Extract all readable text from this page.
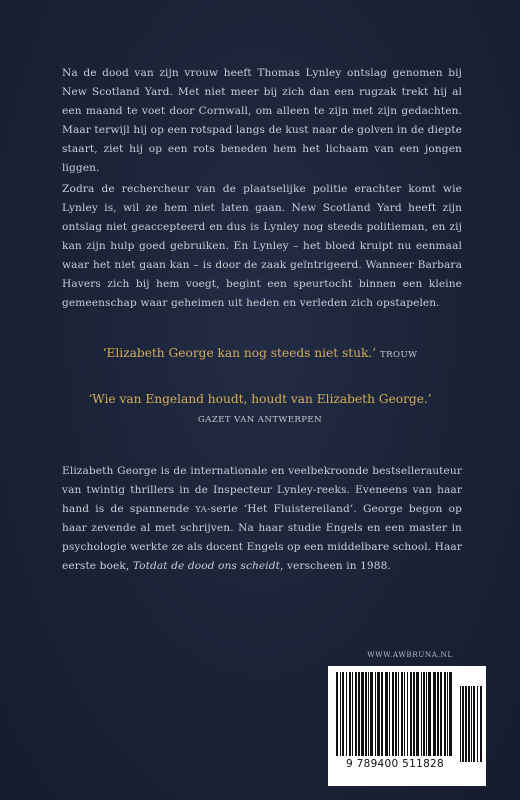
Na de dood van zijn vrouw heeft Thomas Lynley ontslag genomen bij New Scotland Yard. Met niet meer bij zich dan een rugzak trekt hij al een maand te voet door Cornwall, om alleen te zijn met zijn gedachten. Maar terwijl hij op een rotspad langs de kust naar de golven in de diepte staart, ziet hij op een rots beneden hem het lichaam van een jongen liggen.

Zodra de rechercheur van de plaatselijke politie erachter komt wie Lynley is, wil ze hem niet laten gaan. New Scotland Yard heeft zijn ontslag niet geaccepteerd en dus is Lynley nog steeds politieman, en zij kan zijn hulp goed gebruiken. En Lynley – het bloed kruipt nu eenmaal waar het niet gaan kan – is door de zaak geïntrigeerd. Wanneer Barbara Havers zich bij hem voegt, begint een speurtocht binnen een kleine gemeenschap waar geheimen uit heden en verleden zich opstapelen.

‘Elizabeth George kan nog steeds niet stuk.’ TROUW
‘Wie van Engeland houdt, houdt van Elizabeth George.’
GAZET VAN ANTWERPEN

Elizabeth George is de internationale en veelbekroonde bestsellerauteur van twintig thrillers in de Inspecteur Lynley-reeks. Eveneens van haar hand is de spannende YA-serie ‘Het Fluistereiland’. George begon op haar zevende al met schrijven. Na haar studie Engels en een master in psychologie werkte ze als docent Engels op een middelbare school. Haar eerste boek, Totdat de dood ons scheidt, verscheen in 1988.

WWW.AWBRUNA.NL
9 789400 511828
